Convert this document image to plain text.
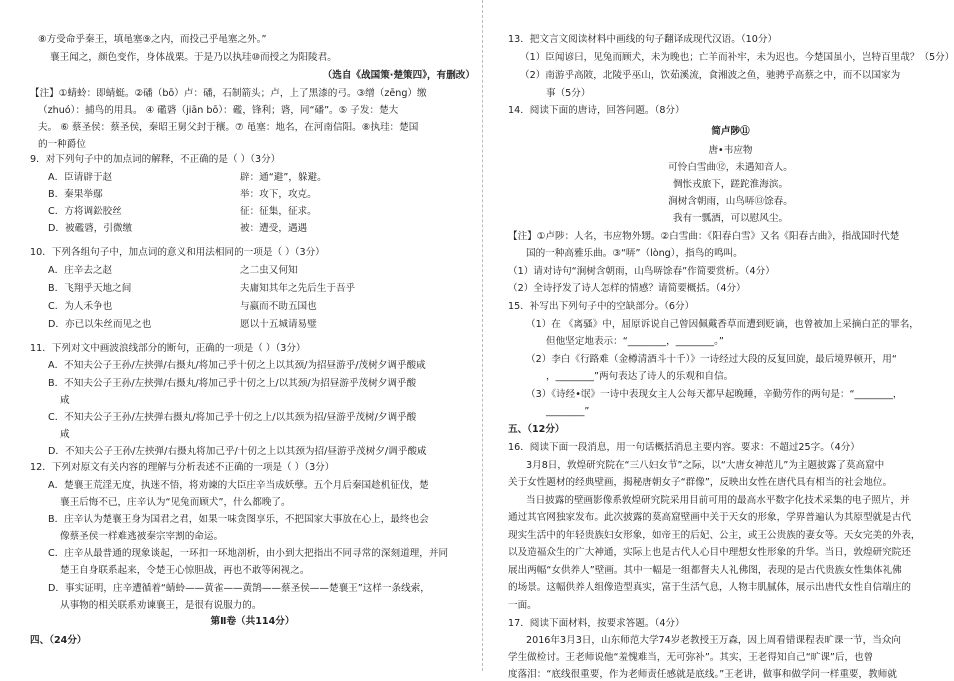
⑧方受命乎秦王，填黾塞⑨之内，而投己乎黾塞之外。”
襄王闻之，颜色变作，身体战栗。于是乃以执珪⑩而授之为阳陵君。
（选自《战国策·楚策四》，有删改）
【注】①蜻蛉：即蜻蜓。②磻（bō）卢：磻，石制箭头；卢，上了黑漆的弓。③缯（zēng）缴
（zhuó）：捕鸟的用具。 ④ 礛碆（jiān bō）：礛，锋利；碆，同“磻”。⑤ 子发：楚大
夫。 ⑥ 蔡圣侯：蔡圣侯，秦昭王舅父封于穰。⑦ 黾塞：地名，在河南信阳。⑧执珪：楚国
的一种爵位
9．对下列句子中的加点词的解释，不正确的是（ ）（3分）
A．臣请辟于赵	辟：通“避”，躲避。
B．秦果举鄢	举：攻下，攻克。
C．方将调鈆胶丝	征：征集，征求。
D．被礛碆，引微缴	被：遭受，遇遇
10．下列各组句子中，加点词的意义和用法相同的一项是（ ）（3分）
A．庄辛去之赵	之二虫又何知
B．飞翔乎天地之间	夫庸知其年之先后生于吾乎
C．为人禾争也	与嬴而不助五国也
D．亦已以朱丝而见之也	愿以十五城请易璧
11．下列对文中画波浪线部分的断句，正确的一项是（ ）（3分）
A．不知夫公子王孙/左挟弹/右摄丸/将加己乎十仞之上以其颈/为招昼游乎/茂树夕调乎酸咸
B．不知夫公子王孙/左挟弹/右摄丸/将加己乎十仞之上/以其颈/为招昼游乎茂树夕调乎酸
咸
C．不知夫公子王孙/左挟弹右摄丸/将加己乎十仞之上/以其颈为招/昼游乎茂树/夕调乎酸
咸
D．不知夫公子王孙/左挟弹/右摄丸将加己乎/十仞之上以其颈为招/昼游乎茂树夕/调乎酸咸
12．下列对原文有关内容的理解与分析表述不正确的一项是（ ）（3分）
A．楚襄王荒淫无度，执迷不悟，将劝谏的大臣庄辛当成妖孽。五个月后秦国趁机征伐，楚
襄王后悔不已，庄辛认为“见兔而顾犬”，什么都晚了。
B．庄辛认为楚襄王身为国君之君，如果一味贪图享乐，不把国家大事放在心上，最终也会
像蔡圣侯一样难逃被秦宗宰割的命运。
C．庄辛从最普通的现象谈起，一环扣一环地剖析，由小到大把指出不同寻常的深刻道理，并同
楚王自身联系起来，令楚王心惊胆战，再也不敢等闲视之。
D．事实证明，庄辛遭循着“蜻蛉——黄雀——黄鹄——蔡圣侯——楚襄王”这样一条线索，
从事物的相关联系劝谏襄王，是很有说服力的。
第Ⅱ卷（共114分）
四、（24分）
13．把文言文阅读材料中画线的句子翻译成现代汉语。（10分）
（1）臣闻谚曰，见兔而顾犬，未为晚也；亡羊而补牢，未为迟也。今楚国虽小，岂特百里哉？（5分）
（2）南游乎高陂，北陵乎巫山，饮茹溪流，食湘波之鱼，驰骋乎高蔡之中，而不以国家为
事（5分）
14．阅读下面的唐诗，回答问题。（8分）
简卢陟⑪
唐•韦应物
可怜白雪曲⑫，未遇知音人。
惆怅戎旅下，蹉跎淮海滨。
涧树含朝雨，山鸟哢⑬馀春。
我有一瓢酒，可以慰风尘。
【注】①卢陟：人名，韦应物外甥。②白雪曲：《阳春白雪》又名《阳春古曲》，指战国时代楚
国的一种高雅乐曲。③“哢”（lòng），指鸟的鸣叫。
（1）请对诗句“涧树含朝雨，山鸟哢馀春”作简要赏析。（4分）
（2）全诗抒发了诗人怎样的情感？请简要概括。（4分）
15．补写出下列句子中的空缺部分。（6分）
（1）在 《离骚》中，屈原诉说自己曾因佩戴香草而遭到贬谪，也曾被加上采摘白芷的罪名，
但他坚定地表示：“________，________。”
（2）李白《行路难（金樽清酒斗十千）》一诗经过大段的反复回旋，最后境界顿开，用“
，________”两句表达了诗人的乐观和自信。
（3）《诗经•氓》一诗中表现女主人公每天都早起晚睡，辛勤劳作的两句是：“________，
________”
五、（12分）
16．阅读下面一段消息，用一句话概括消息主要内容。要求：不超过25字。（4分）
3月8日，敦煌研究院在“三八妇女节”之际，以“大唐女神范儿”为主题披露了莫高窟中
关于女性题材的经典壁画，揭秘唐朝女子“群像”，反映出女性在唐代具有相当的社会地位。
当日披露的壁画影像系敦煌研究院采用目前可用的最高水平数字化技术采集的电子照片，并
通过其官网独家发布。此次披露的莫高窟壁画中关于天女的形象，学界普遍认为其原型就是古代
现实生活中的年轻贵族妇女形象，如帝王的后妃、公主，或王公贵族的妻女等。天女完美的外表，
以及造福众生的广大神通，实际上也是古代人心目中理想女性形象的升华。当日，敦煌研究院还
展出两幅“女供养人”壁画。其中一幅是一组都督夫人礼佛图，表现的是古代贵族女性集体礼佛
的场景。这幅供养人组像造型真实，富于生活气息，人物丰肌腻体，展示出唐代女性自信端庄的
一面。
17．阅读下面材料，按要求答题。（4分）
2016年3月3日，山东师范大学74岁老教授王万森，因上周看错课程表旷课一节，当众向
学生做检讨。王老师说他“羞愧难当，无可弥补”。其实，王老得知自己“旷课”后，也曾
度落泪：“底线很重要，作为老师责任感就是底线。”王老讲，做事和做学问一样重要，教师就
